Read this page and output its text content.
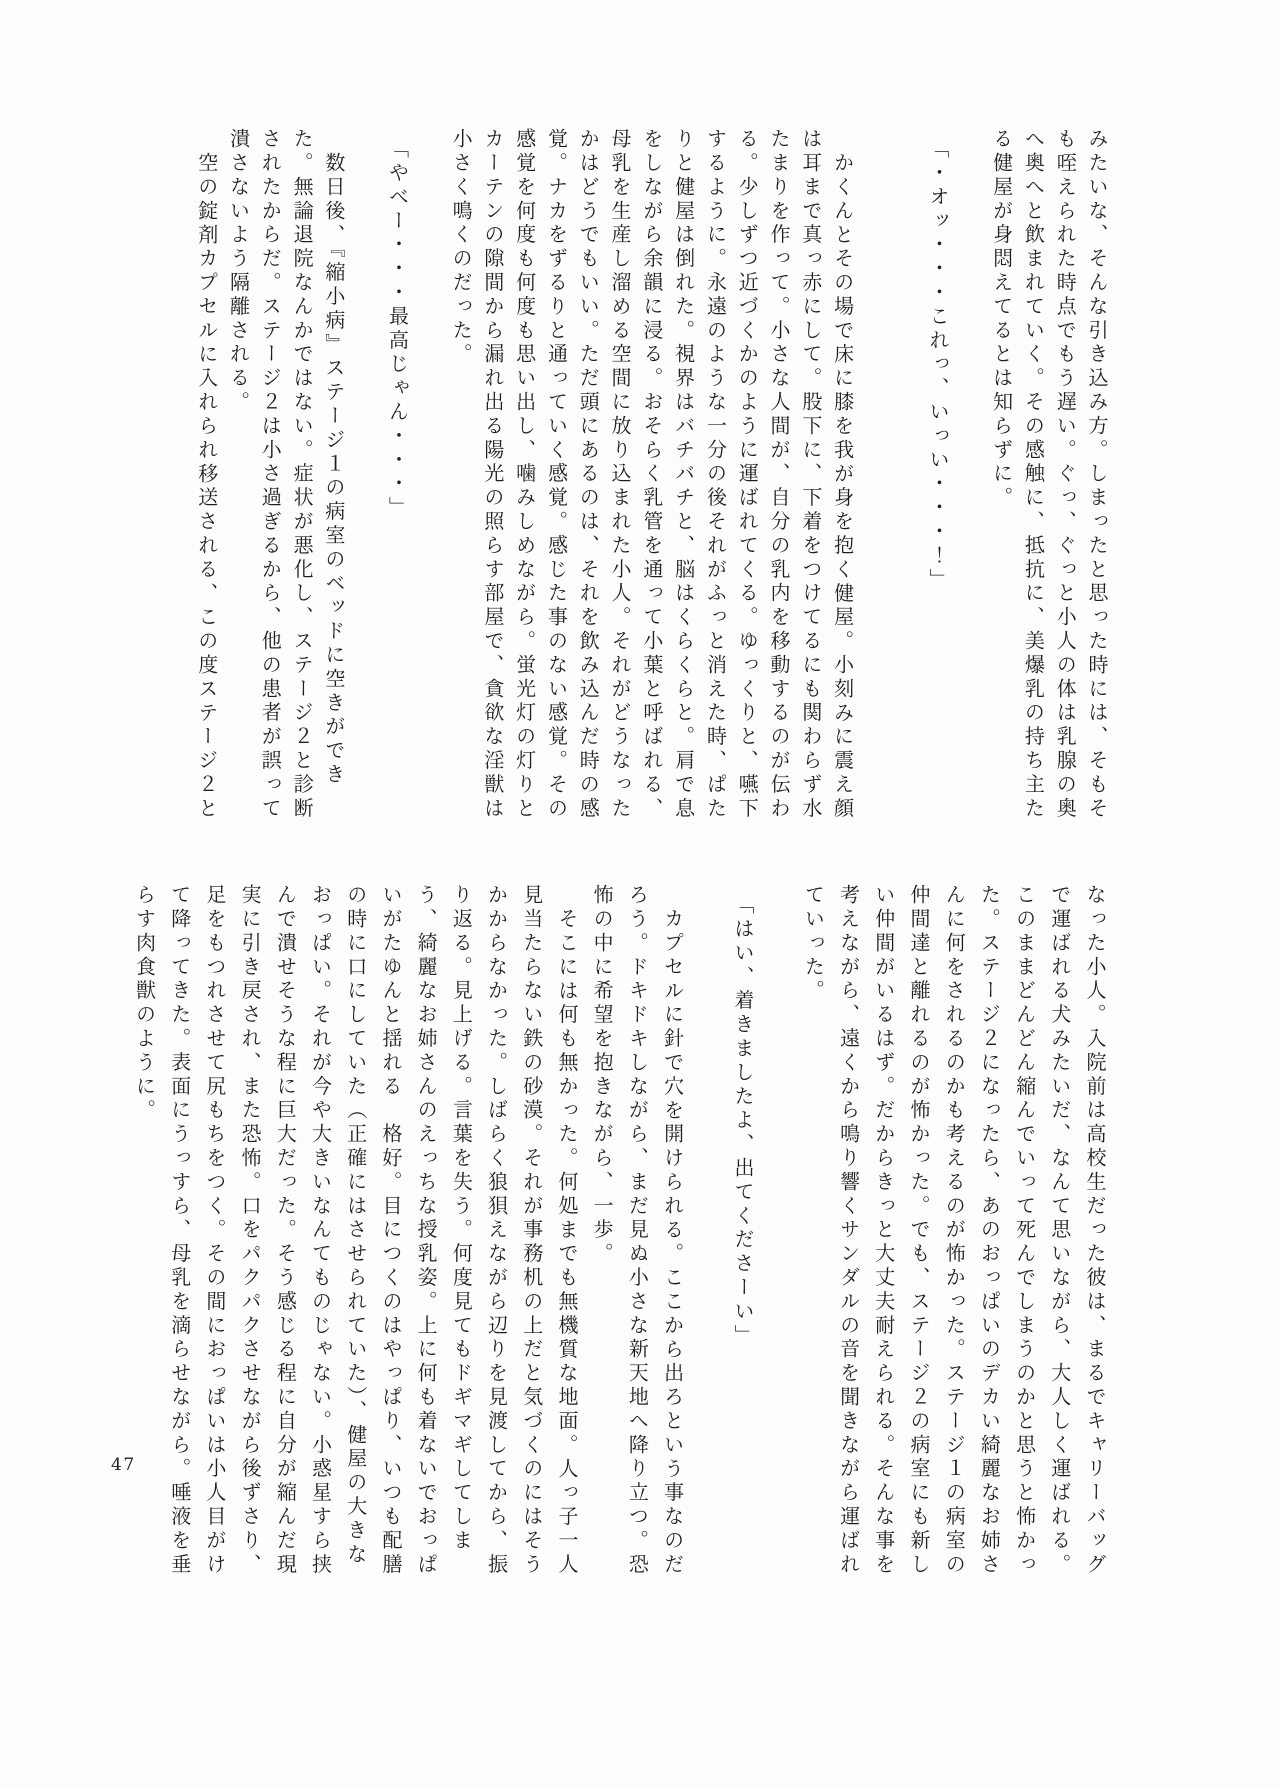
みたいな、そんな引き込み方。しまったと思った時には、そもそも咥えられた時点でもう遅い。ぐっ、ぐっと小人の体は乳腺の奥へ奥へと飲まれていく。その感触に、抵抗に、美爆乳の持ち主たる健屋が身悶えてるとは知らずに。

「・オッ・・・これっ、いっい・・・！」

かくんとその場で床に膝を我が身を抱く健屋。小刻みに震え顔は耳まで真っ赤にして。股下に、下着をつけてるにも関わらず水たまりを作って。小さな人間が、自分の乳内を移動するのが伝わる。少しずつ近づくかのように運ばれてくる。ゆっくりと、嚥下するように。永遠のような一分の後それがふっと消えた時、ぱたりと健屋は倒れた。視界はバチバチと、脳はくらくらと。肩で息をしながら余韻に浸る。おそらく乳管を通って小葉と呼ばれる、母乳を生産し溜める空間に放り込まれた小人。それがどうなったかはどうでもいい。ただ頭にあるのは、それを飲み込んだ時の感覚。ナカをずるりと通っていく感覚。感じた事のない感覚。その感覚を何度も何度も思い出し、噛みしめながら。蛍光灯の灯りとカーテンの隙間から漏れ出る陽光の照らす部屋で、貪欲な淫獣は小さく鳴くのだった。

「やべー・・・最高じゃん・・・」

数日後、『縮小病』ステージ１の病室のベッドに空きができた。無論退院なんかではない。症状が悪化し、ステージ２と診断されたからだ。ステージ２は小さ過ぎるから、他の患者が誤って潰さないよう隔離される。

空の錠剤カプセルに入れられ移送される、この度ステージ２と

なった小人。入院前は高校生だった彼は、まるでキャリーバッグで運ばれる犬みたいだ、なんて思いながら、大人しく運ばれる。このままどんどん縮んでいって死んでしまうのかと思うと怖かった。ステージ２になったら、あのおっぱいのデカい綺麗なお姉さんに何をされるのかも考えるのが怖かった。ステージ１の病室の仲間達と離れるのが怖かった。でも、ステージ２の病室にも新しい仲間がいるはず。だからきっと大丈夫耐えられる。そんな事を考えながら、遠くから鳴り響くサンダルの音を聞きながら運ばれていった。

「はい、着きましたよ、出てくださーい」

カプセルに針で穴を開けられる。ここから出ろという事なのだろう。ドキドキしながら、まだ見ぬ小さな新天地へ降り立つ。恐怖の中に希望を抱きながら、一歩。

そこには何も無かった。何処までも無機質な地面。人っ子一人見当たらない鉄の砂漠。それが事務机の上だと気づくのにはそうかからなかった。しばらく狼狽えながら辺りを見渡してから、振り返る。見上げる。言葉を失う。何度見てもドギマギしてしまう、綺麗なお姉さんのえっちな授乳姿。上に何も着ないでおっぱいがたゆんと揺れる　格好。目につくのはやっぱり、いつも配膳の時に口にしていた（正確にはさせられていた）、健屋の大きなおっぱい。それが今や大きいなんてものじゃない。小惑星すら挟んで潰せそうな程に巨大だった。そう感じる程に自分が縮んだ現実に引き戻され、また恐怖。口をパクパクさせながら後ずさり、足をもつれさせて尻もちをつく。その間におっぱいは小人目がけて降ってきた。表面にうっすら、母乳を滴らせながら。唾液を垂らす肉食獣のように。

47
